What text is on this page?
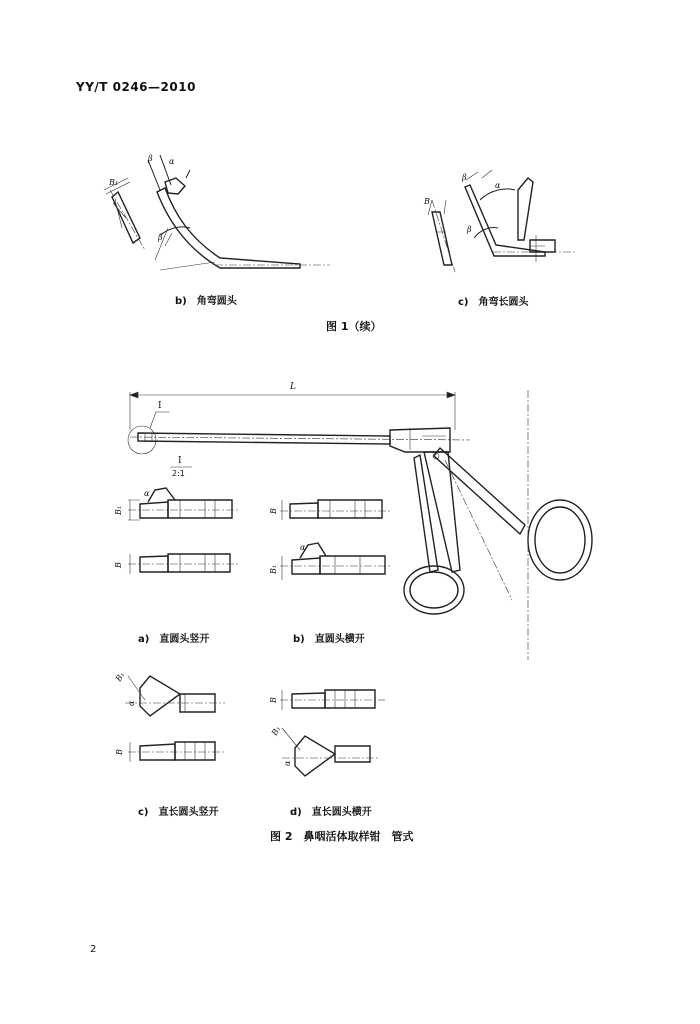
YY/T 0246—2010
β α
B₁
β
β
α
B
β
b)　角弯圆头	c)　角弯长圆头
图 1（续）
L
I
I
2:1
B₁
α
B
B
α
B₁
B₁
α
B
B
B₁
α
a)　直圆头竖开	b)　直圆头横开
c)　直长圆头竖开	d)　直长圆头横开
图 2　鼻咽活体取样钳　管式
2
